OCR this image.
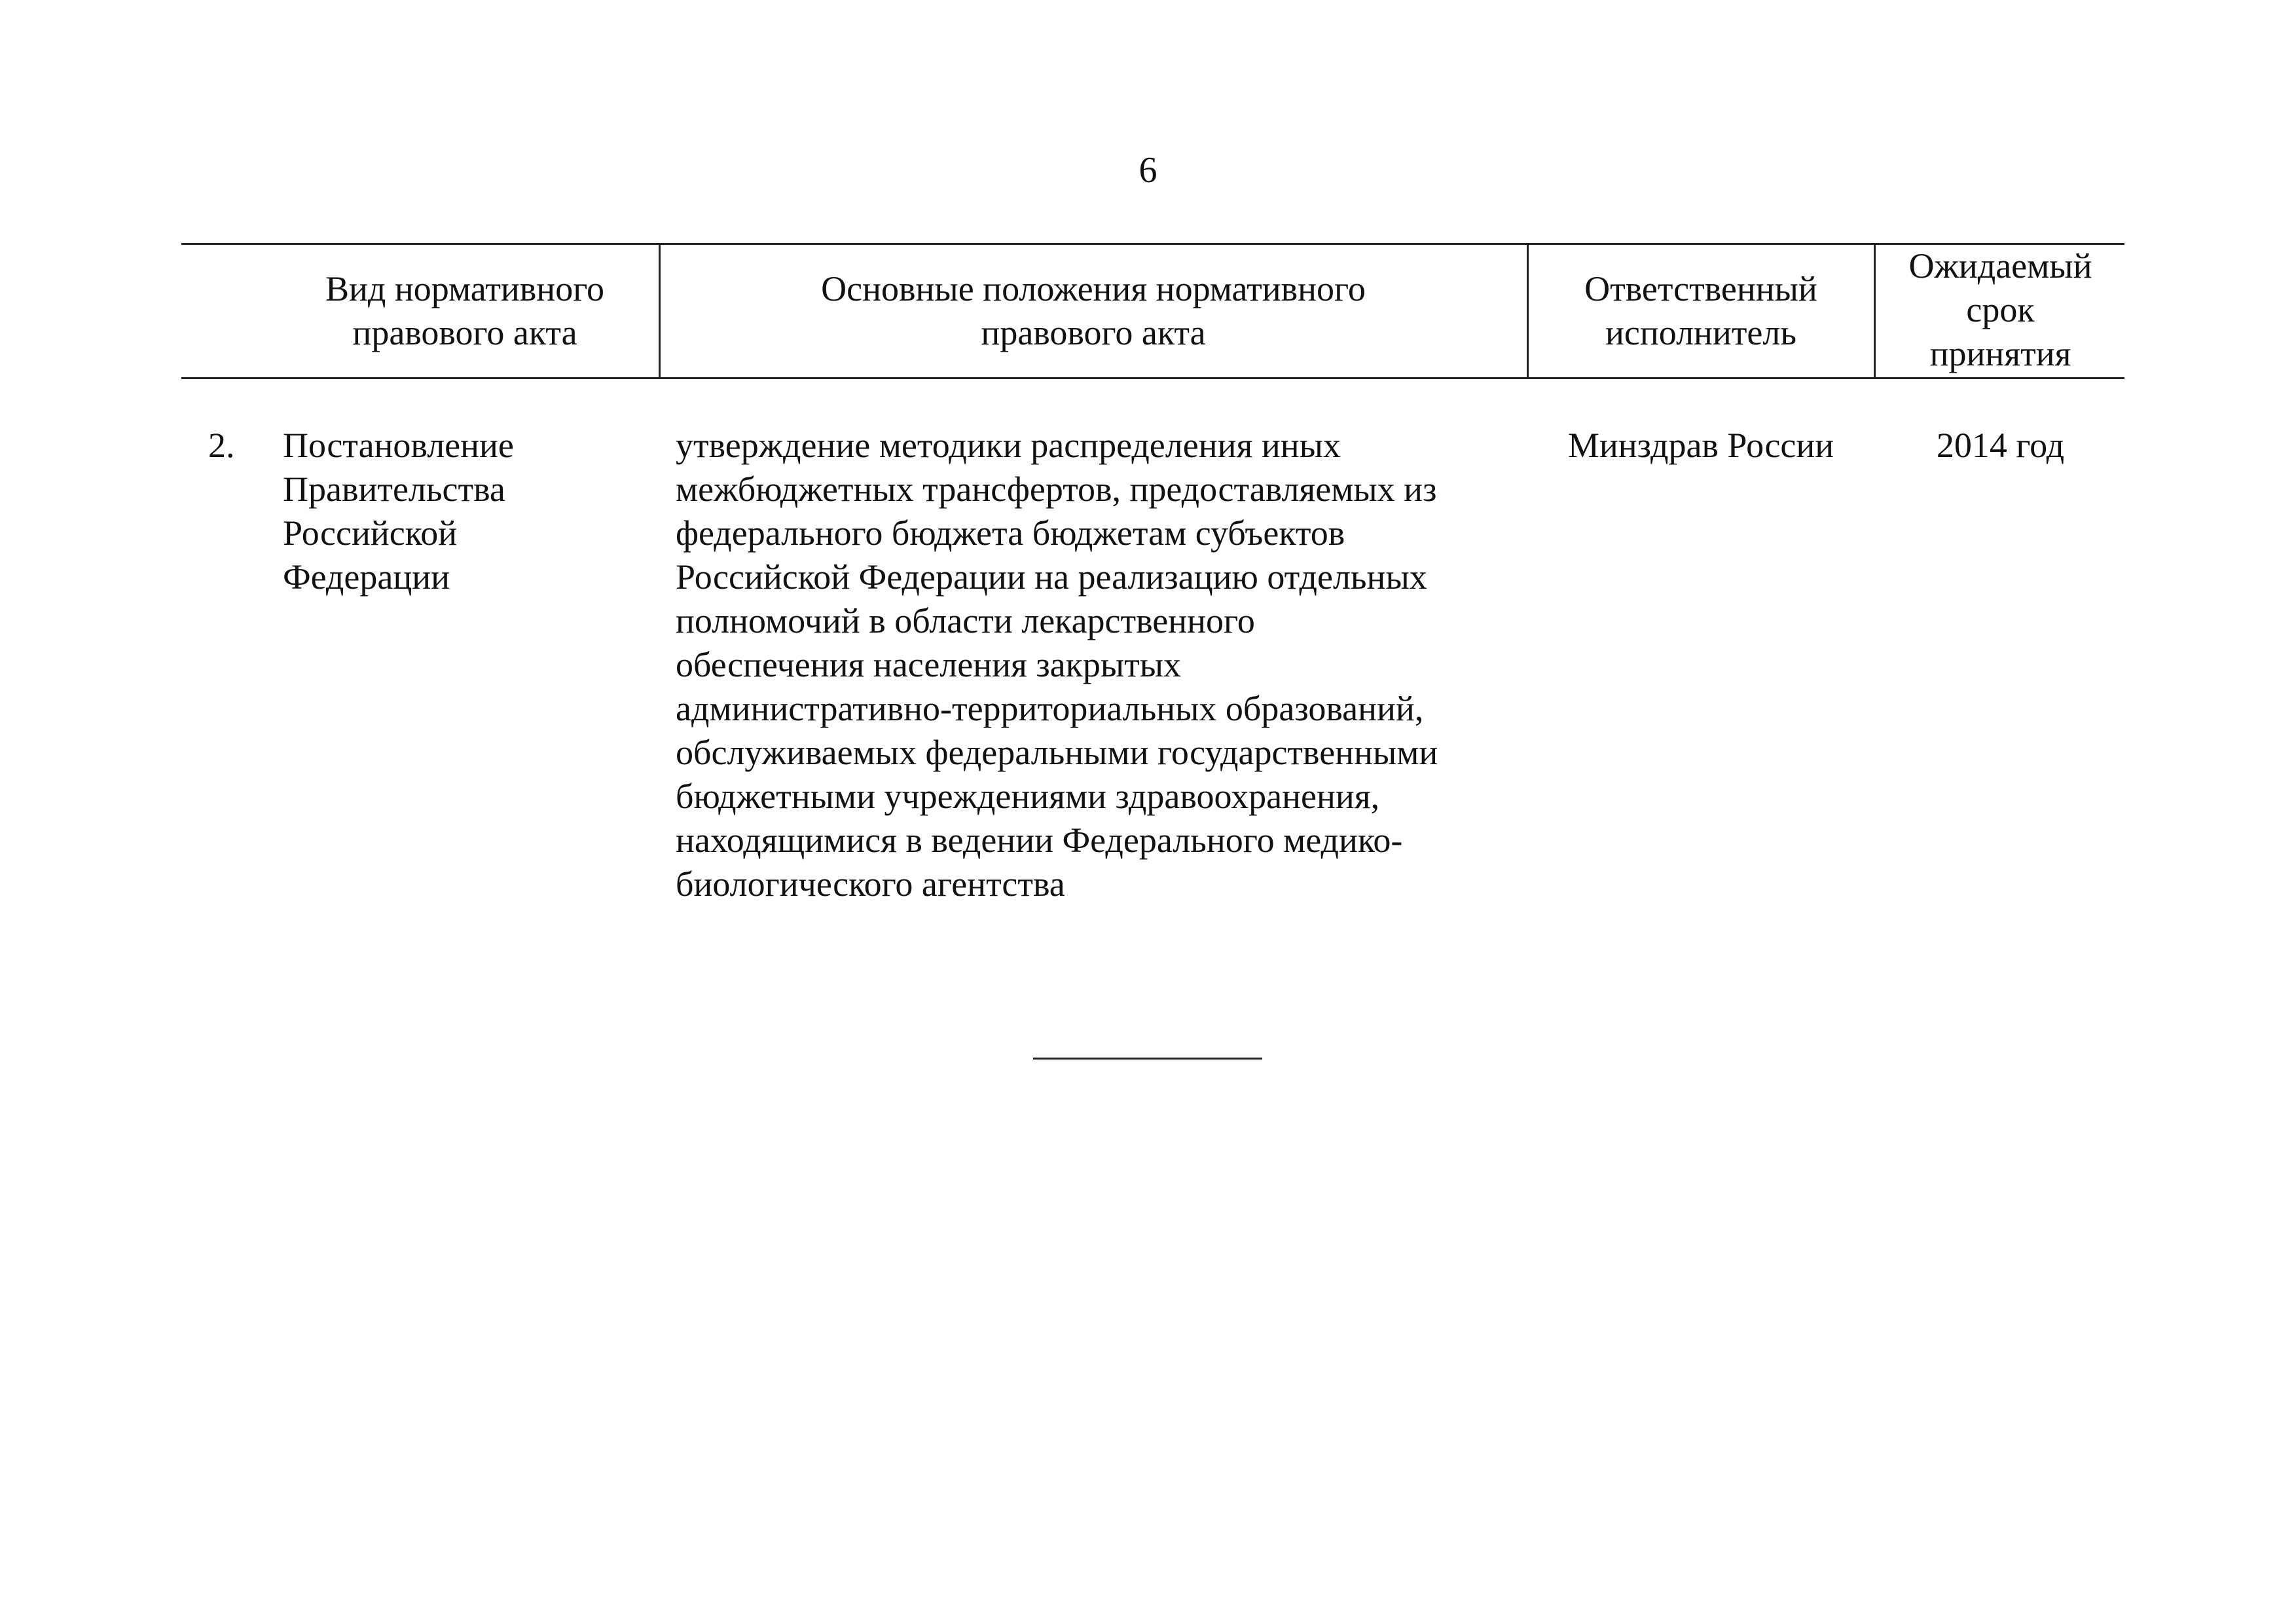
6
Вид нормативного
правового акта
Основные положения нормативного
правового акта
Ответственный
исполнитель
Ожидаемый
срок
принятия
2. Постановление
Правительства
Российской
Федерации
утверждение методики распределения иных
межбюджетных трансфертов, предоставляемых из
федерального бюджета бюджетам субъектов
Российской Федерации на реализацию отдельных
полномочий в области лекарственного
обеспечения населения закрытых
административно-территориальных образований,
обслуживаемых федеральными государственными
бюджетными учреждениями здравоохранения,
находящимися в ведении Федерального медико-
биологического агентства
Минздрав России	2014 год
